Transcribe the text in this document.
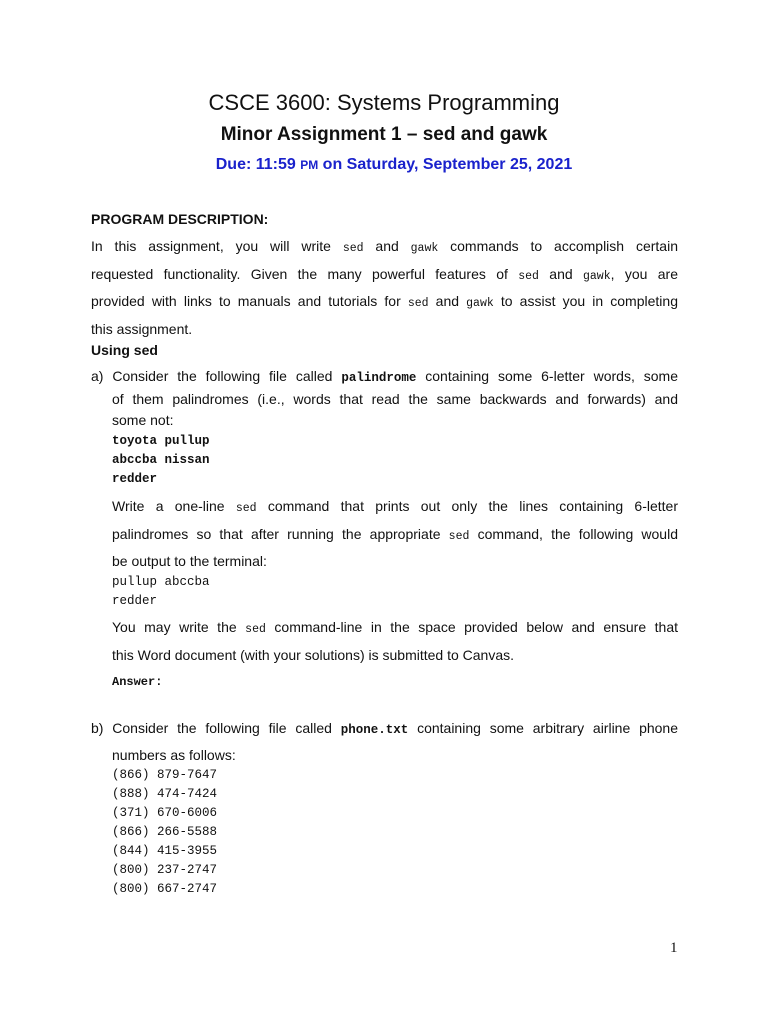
CSCE 3600: Systems Programming
Minor Assignment 1 – sed and gawk
Due: 11:59 PM on Saturday, September 25, 2021
PROGRAM DESCRIPTION:
In this assignment, you will write sed and gawk commands to accomplish certain
requested functionality. Given the many powerful features of sed and gawk, you are
provided with links to manuals and tutorials for sed and gawk to assist you in completing
this assignment.
Using sed
a) Consider the following file called palindrome containing some 6-letter words, some
of them palindromes (i.e., words that read the same backwards and forwards) and
some not:
toyota pullup
abccba nissan
redder
Write a one-line sed command that prints out only the lines containing 6-letter
palindromes so that after running the appropriate sed command, the following would
be output to the terminal:
pullup abccba
redder
You may write the sed command-line in the space provided below and ensure that
this Word document (with your solutions) is submitted to Canvas.
Answer:
b) Consider the following file called phone.txt containing some arbitrary airline phone
numbers as follows:
(866) 879-7647
(888) 474-7424
(371) 670-6006
(866) 266-5588
(844) 415-3955
(800) 237-2747
(800) 667-2747
1
